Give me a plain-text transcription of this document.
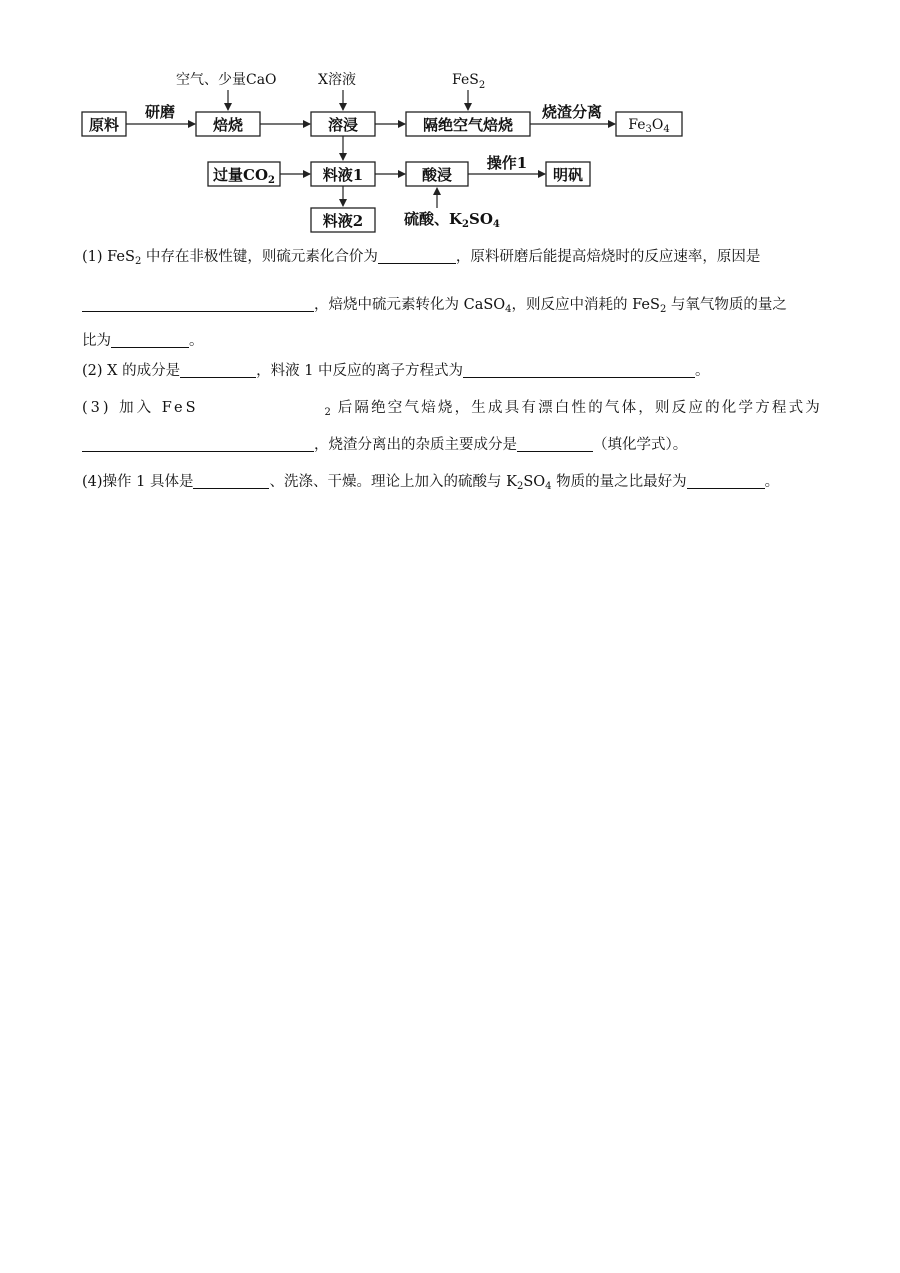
空气、少量CaO	X溶液	FeS$_2$
原料	焙烧	溶浸	隔绝空气焙烧	$Fe_3O_4$
研磨	烧渣分离
过量$CO_2$	料液1	酸浸	明矾
操作1
料液2	硫酸、$K_2SO_4$
(1) FeS$_2$ 中存在非极性键，则硫元素化合价为	，原料研磨后能提高焙烧时的反应速率，原因是
，焙烧中硫元素转化为 CaSO$_4$，则反应中消耗的 FeS$_2$ 与氧气物质的量之
比为	。
(2) X 的成分是	，料液 1 中反应的离子方程式为	。
(3) 加入 FeS	$_2$ 后隔绝空气焙烧，生成具有漂白性的气体，则反应的化学方程式为
，烧渣分离出的杂质主要成分是	（填化学式）。
(4)操作 1 具体是	、洗涤、干燥。理论上加入的硫酸与 $K_2SO_4$ 物质的量之比最好为	。
